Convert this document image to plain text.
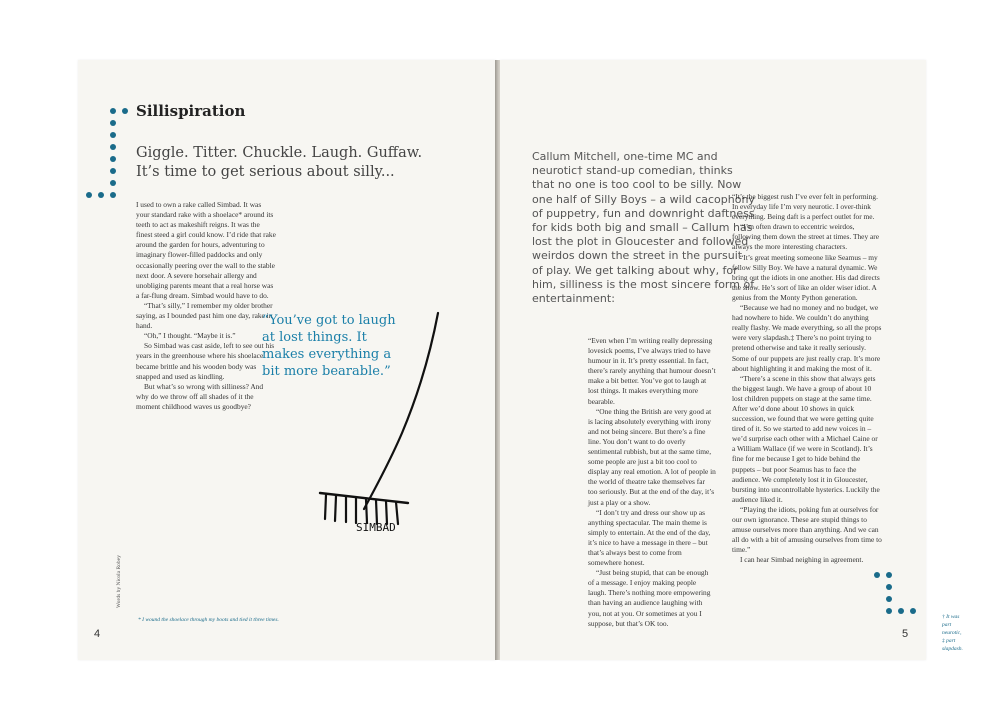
Sillispiration

Giggle. Titter. Chuckle. Laugh. Guffaw. It’s time to get serious about silly...

I used to own a rake called Simbad. It was your standard rake with a shoelace* around its teeth to act as makeshift reigns. It was the finest steed a girl could know. I’d ride that rake around the garden for hours, adventuring to imaginary flower-filled paddocks and only occasionally peering over the wall to the stable next door. A severe horsehair allergy and unobliging parents meant that a real horse was a far-flung dream. Simbad would have to do.

“That’s silly,” I remember my older brother saying, as I bounded past him one day, rake in hand.

“Oh,” I thought. “Maybe it is.”

So Simbad was cast aside, left to see out his years in the greenhouse where his shoelace became brittle and his wooden body was snapped and used as kindling.

But what’s so wrong with silliness? And why do we throw off all shades of it the moment childhood waves us goodbye?

“You’ve got to laugh at lost things. It makes everything a bit more bearable.”

SIMBAD
Words by Nicola Robey

* I wound the shoelace through my boots and tied it three times.

4

Callum Mitchell, one-time MC and neurotic† stand-up comedian, thinks that no one is too cool to be silly. Now one half of Silly Boys – a wild cacophony of puppetry, fun and downright daftness for kids both big and small – Callum has lost the plot in Gloucester and followed weirdos down the street in the pursuit of play. We get talking about why, for him, silliness is the most sincere form of entertainment:

“Even when I’m writing really depressing lovesick poems, I’ve always tried to have humour in it. It’s pretty essential. In fact, there’s rarely anything that humour doesn’t make a bit better. You’ve got to laugh at lost things. It makes everything more bearable.

“One thing the British are very good at is lacing absolutely everything with irony and not being sincere. But there’s a fine line. You don’t want to do overly sentimental rubbish, but at the same time, some people are just a bit too cool to display any real emotion. A lot of people in the world of theatre take themselves far too seriously. But at the end of the day, it’s just a play or a show.

“I don’t try and dress our show up as anything spectacular. The main theme is simply to entertain. At the end of the day, it’s nice to have a message in there – but that’s always best to come from somewhere honest.

“Just being stupid, that can be enough of a message. I enjoy making people laugh. There’s nothing more empowering than having an audience laughing with you, not at you. Or sometimes at you I suppose, but that’s OK too.

“It’s the biggest rush I’ve ever felt in performing. In everyday life I’m very neurotic. I over-think everything. Being daft is a perfect outlet for me.

“I’m often drawn to eccentric weirdos, following them down the street at times. They are always the more interesting characters.

“It’s great meeting someone like Seamus – my fellow Silly Boy. We have a natural dynamic. We bring out the idiots in one another. His dad directs the show. He’s sort of like an older wiser idiot. A genius from the Monty Python generation.

“Because we had no money and no budget, we had nowhere to hide. We couldn’t do anything really flashy. We made everything, so all the props were very slapdash.‡ There’s no point trying to pretend otherwise and take it really seriously. Some of our puppets are just really crap. It’s more about highlighting it and making the most of it.

“There’s a scene in this show that always gets the biggest laugh. We have a group of about 10 lost children puppets on stage at the same time. After we’d done about 10 shows in quick succession, we found that we were getting quite tired of it. So we started to add new voices in – we’d surprise each other with a Michael Caine or a William Wallace (if we were in Scotland). It’s fine for me because I get to hide behind the puppets – but poor Seamus has to face the audience. We completely lost it in Gloucester, bursting into uncontrollable hysterics. Luckily the audience liked it.

“Playing the idiots, poking fun at ourselves for our own ignorance. These are stupid things to amuse ourselves more than anything. And we can all do with a bit of amusing ourselves from time to time.”

I can hear Simbad neighing in agreement.

† It was part neurotic,
‡ part slapdash.
5
